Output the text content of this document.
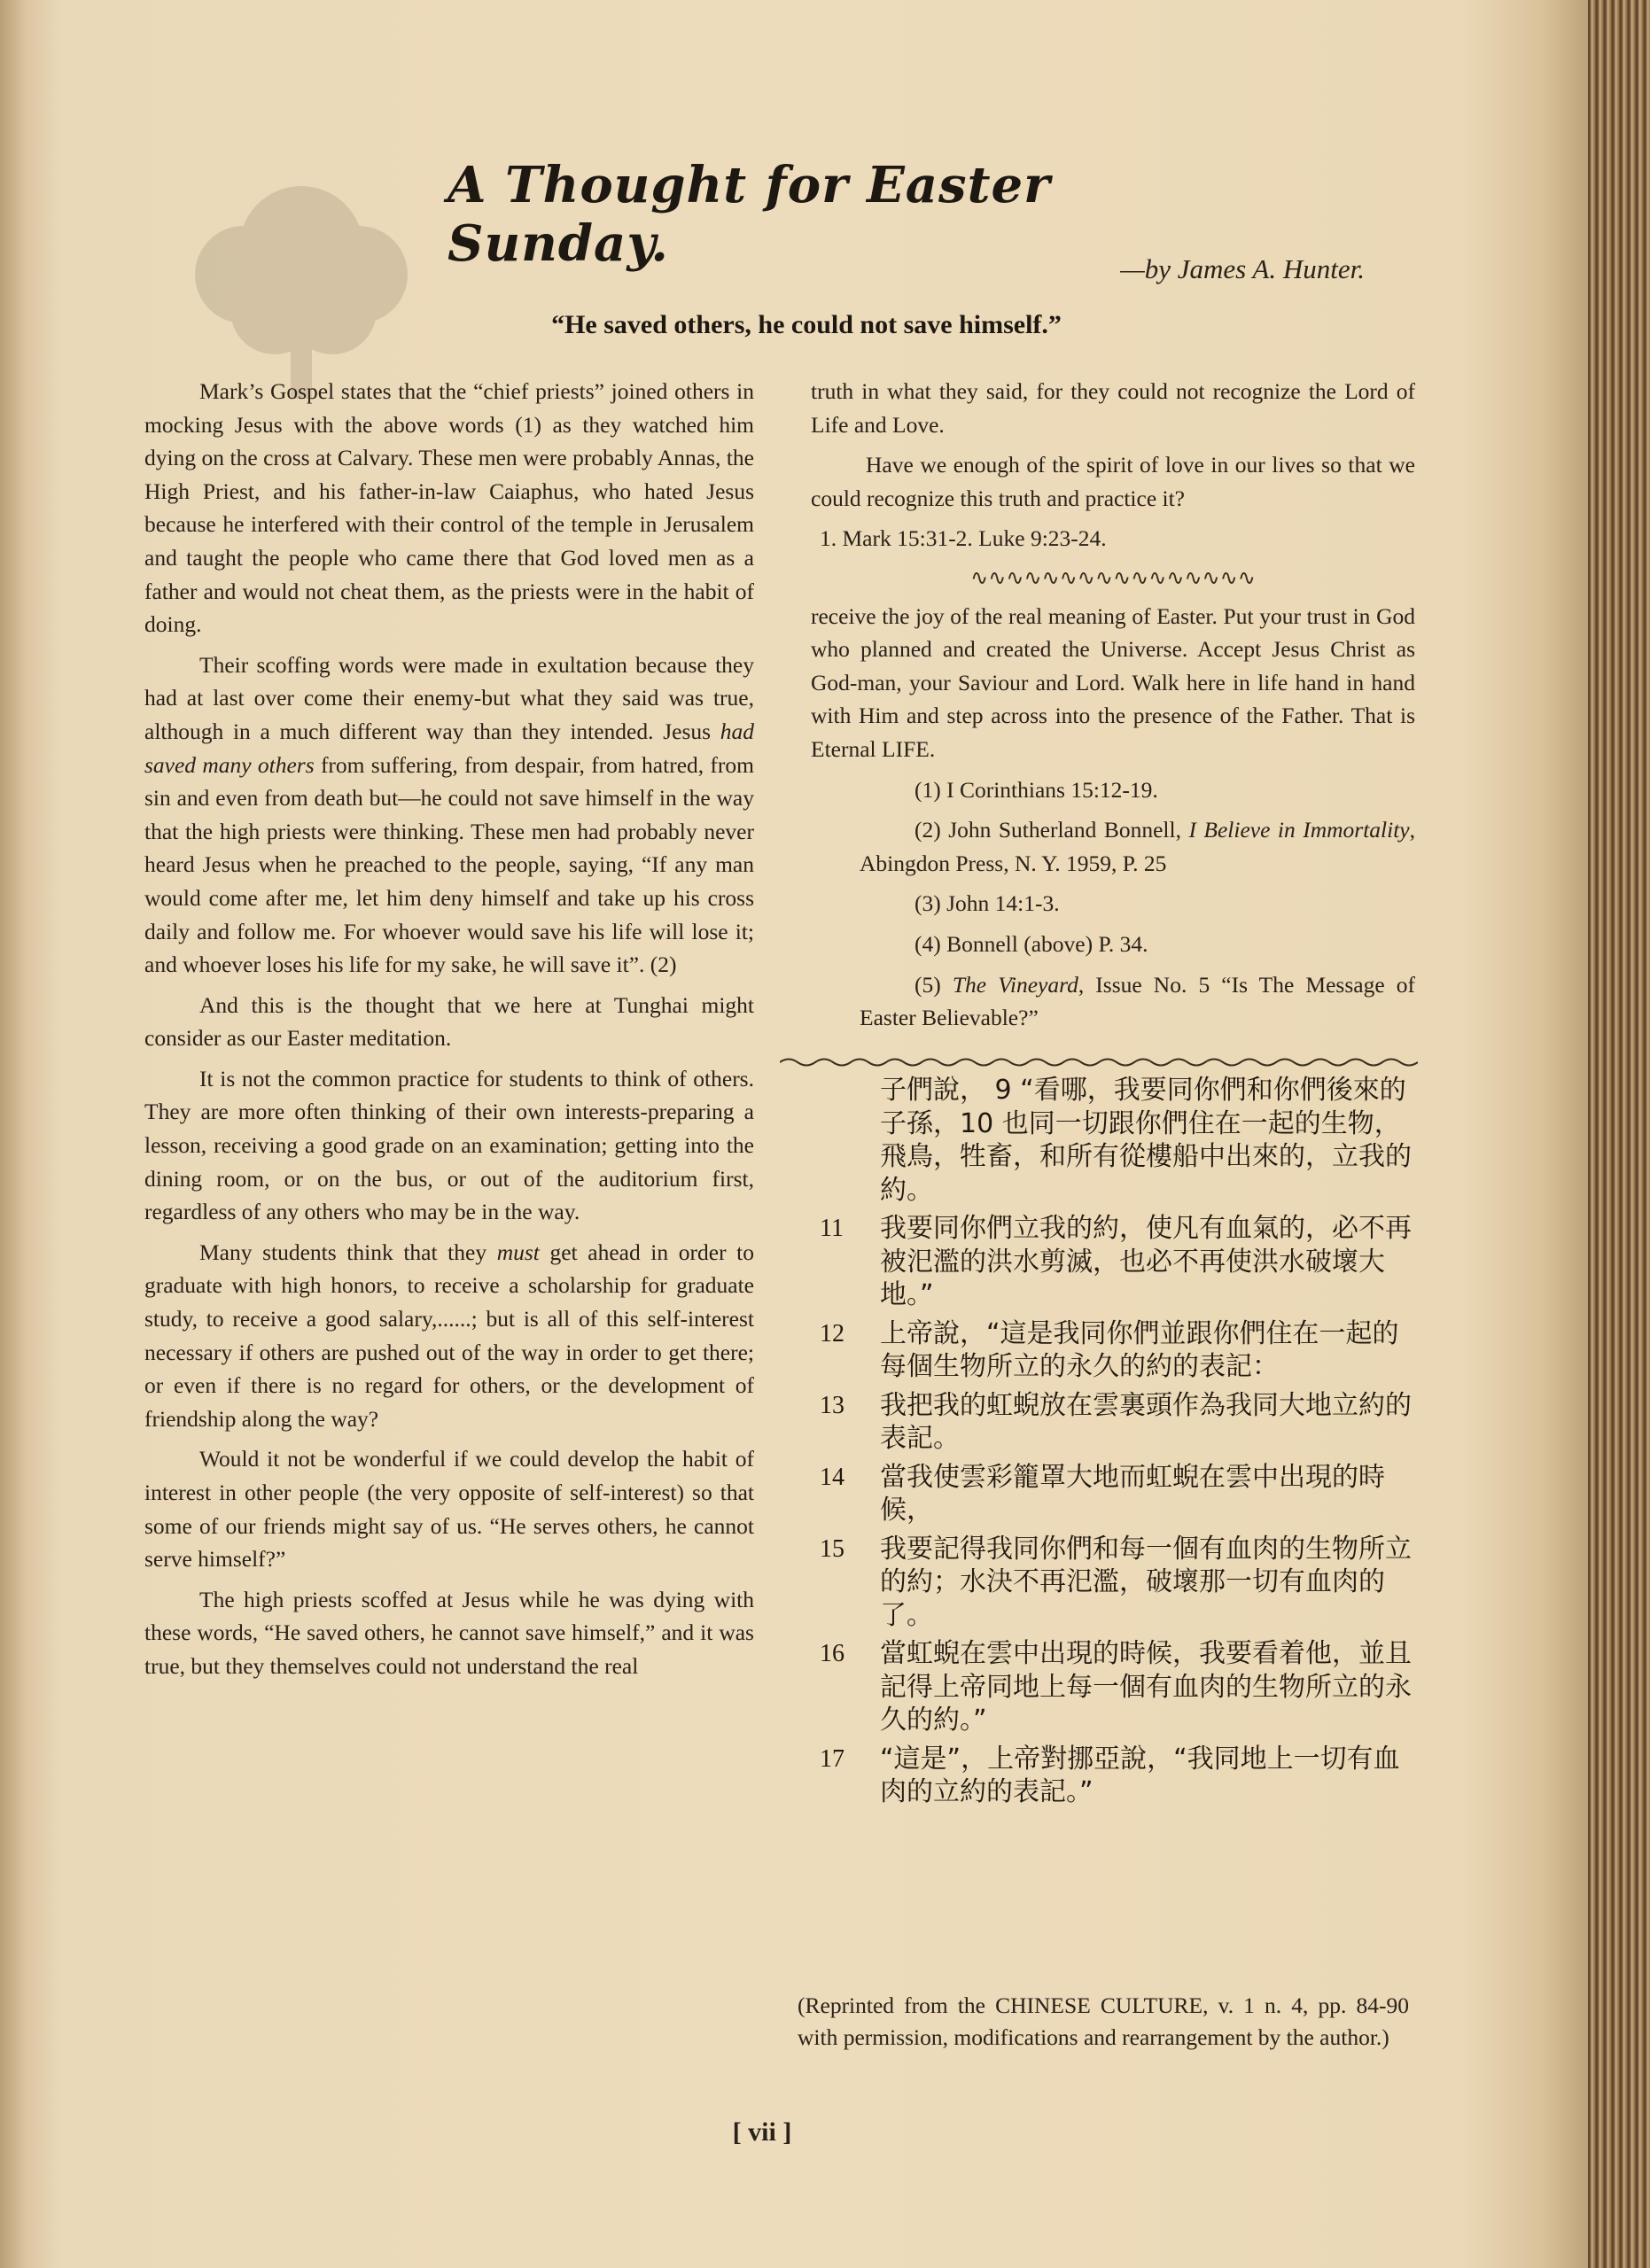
A Thought for Easter Sunday.	—by James A. Hunter.
“He saved others, he could not save himself.”

Mark’s Gospel states that the “chief priests” joined others in mocking Jesus with the above words (1) as they watched him dying on the cross at Calvary. These men were probably Annas, the High Priest, and his father-in-law Caiaphus, who hated Jesus because he interfered with their control of the temple in Jerusalem and taught the people who came there that God loved men as a father and would not cheat them, as the priests were in the habit of doing.

Their scoffing words were made in exultation because they had at last over come their enemy-but what they said was true, although in a much different way than they intended. Jesus had saved many others from suffering, from despair, from hatred, from sin and even from death but—he could not save himself in the way that the high priests were thinking. These men had probably never heard Jesus when he preached to the people, saying, “If any man would come after me, let him deny himself and take up his cross daily and follow me. For whoever would save his life will lose it; and whoever loses his life for my sake, he will save it”. (2)

And this is the thought that we here at Tunghai might consider as our Easter meditation.

It is not the common practice for students to think of others. They are more often thinking of their own interests-preparing a lesson, receiving a good grade on an examination; getting into the dining room, or on the bus, or out of the auditorium first, regardless of any others who may be in the way.

Many students think that they must get ahead in order to graduate with high honors, to receive a scholarship for graduate study, to receive a good salary,......; but is all of this self-interest necessary if others are pushed out of the way in order to get there; or even if there is no regard for others, or the development of friendship along the way?

Would it not be wonderful if we could develop the habit of interest in other people (the very opposite of self-interest) so that some of our friends might say of us. “He serves others, he cannot serve himself?”

The high priests scoffed at Jesus while he was dying with these words, “He saved others, he cannot save himself,” and it was true, but they themselves could not understand the real

truth in what they said, for they could not recognize the Lord of Life and Love.

Have we enough of the spirit of love in our lives so that we could recognize this truth and practice it?

1. Mark 15:31-2. Luke 9:23-24.

∿∿∿∿∿∿∿∿∿∿∿∿∿∿∿∿

receive the joy of the real meaning of Easter. Put your trust in God who planned and created the Universe. Accept Jesus Christ as God-man, your Saviour and Lord. Walk here in life hand in hand with Him and step across into the presence of the Father. That is Eternal LIFE.

(1) I Corinthians 15:12-19.

(2) John Sutherland Bonnell, I Believe in Immortality, Abingdon Press, N. Y. 1959, P. 25

(3) John 14:1-3.

(4) Bonnell (above) P. 34.

(5) The Vineyard, Issue No. 5 “Is The Message of Easter Believable?”

子們說， 9 “看哪，我要同你們和你們後來的子孫，10 也同一切跟你們住在一起的生物，飛鳥，牲畜，和所有從樓船中出來的，立我的約。
11	我要同你們立我的約，使凡有血氣的，必不再被汜濫的洪水剪滅，也必不再使洪水破壞大地。”
12	上帝說，“這是我同你們並跟你們住在一起的每個生物所立的永久的約的表記：
13	我把我的虹蜺放在雲裏頭作為我同大地立約的表記。
14	當我使雲彩籠罩大地而虹蜺在雲中出現的時候，
15	我要記得我同你們和每一個有血肉的生物所立的約；水決不再汜濫，破壞那一切有血肉的了。
16	當虹蜺在雲中出現的時候，我要看着他，並且記得上帝同地上每一個有血肉的生物所立的永久的約。”
17	“這是”，上帝對挪亞說，“我同地上一切有血肉的立約的表記。”
(Reprinted from the CHINESE CULTURE, v. 1 n. 4, pp. 84-90 with permission, modifications and rearrangement by the author.)
[ vii ]
